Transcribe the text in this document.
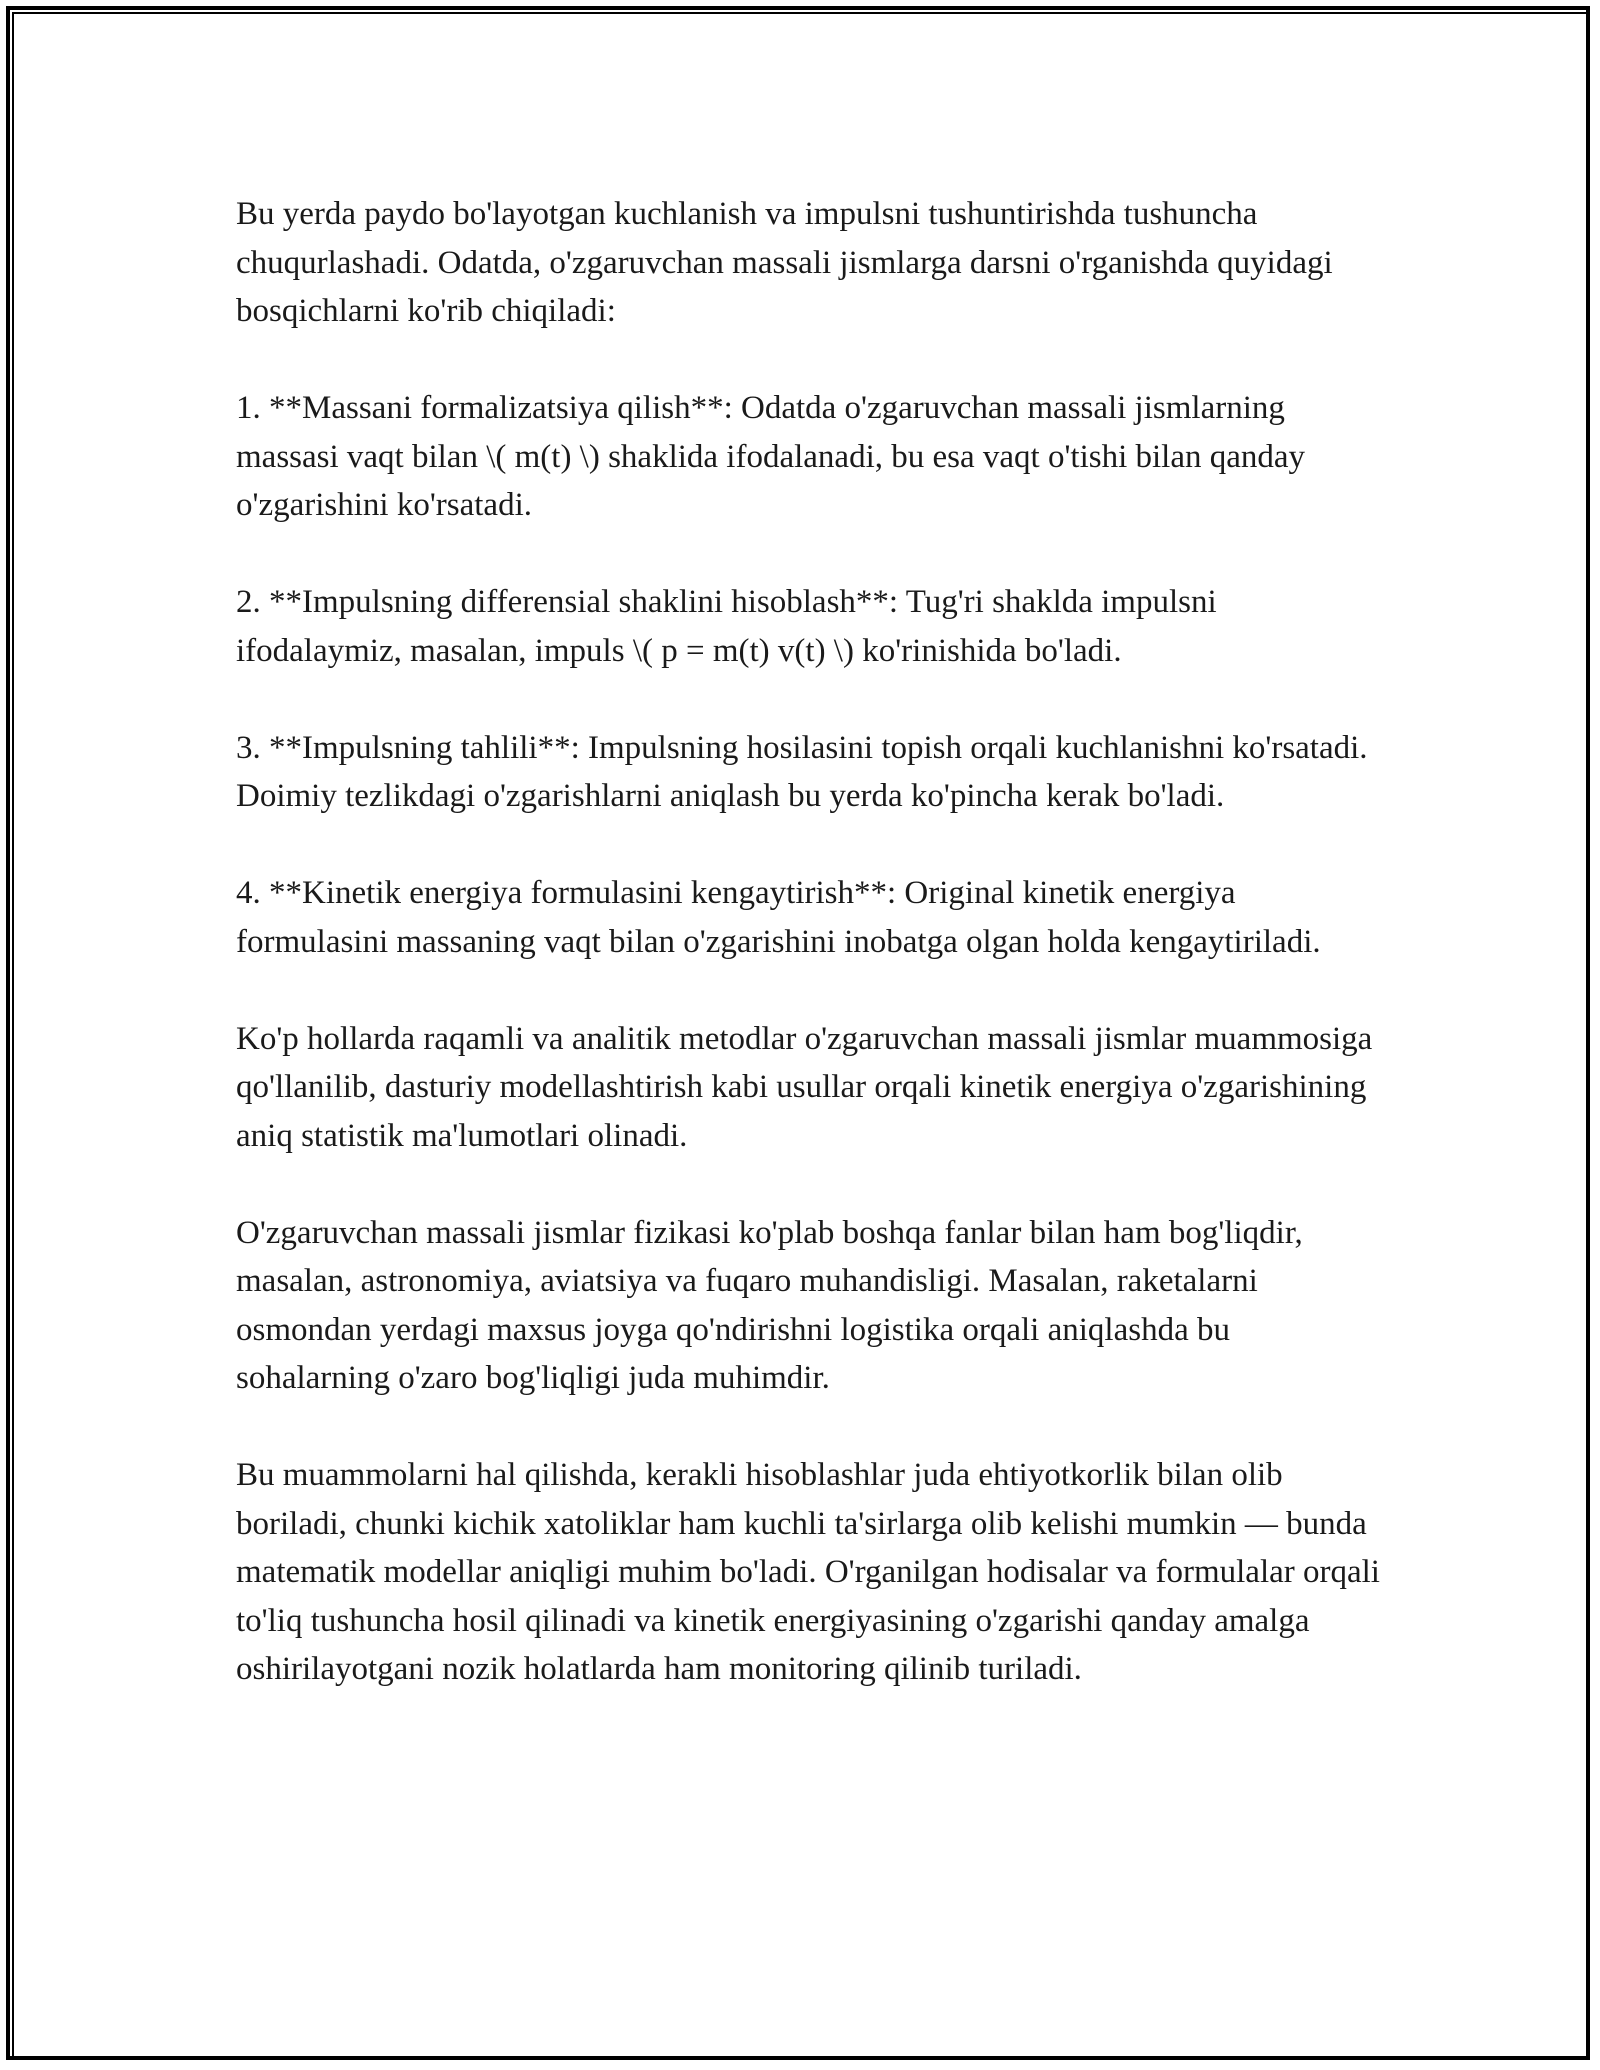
Bu yerda paydo bo'layotgan kuchlanish va impulsni tushuntirishda tushuncha chuqurlashadi. Odatda, o'zgaruvchan massali jismlarga darsni o'rganishda quyidagi bosqichlarni ko'rib chiqiladi:

1. **Massani formalizatsiya qilish**: Odatda o'zgaruvchan massali jismlarning massasi vaqt bilan \( m(t) \) shaklida ifodalanadi, bu esa vaqt o'tishi bilan qanday o'zgarishini ko'rsatadi.

2. **Impulsning differensial shaklini hisoblash**: Tug'ri shaklda impulsni ifodalaymiz, masalan, impuls \( p = m(t) v(t) \) ko'rinishida bo'ladi.

3. **Impulsning tahlili**: Impulsning hosilasini topish orqali kuchlanishni ko'rsatadi. Doimiy tezlikdagi o'zgarishlarni aniqlash bu yerda ko'pincha kerak bo'ladi.

4. **Kinetik energiya formulasini kengaytirish**: Original kinetik energiya formulasini massaning vaqt bilan o'zgarishini inobatga olgan holda kengaytiriladi.

Ko'p hollarda raqamli va analitik metodlar o'zgaruvchan massali jismlar muammosiga qo'llanilib, dasturiy modellashtirish kabi usullar orqali kinetik energiya o'zgarishining aniq statistik ma'lumotlari olinadi.

O'zgaruvchan massali jismlar fizikasi ko'plab boshqa fanlar bilan ham bog'liqdir, masalan, astronomiya, aviatsiya va fuqaro muhandisligi. Masalan, raketalarni osmondan yerdagi maxsus joyga qo'ndirishni logistika orqali aniqlashda bu sohalarning o'zaro bog'liqligi juda muhimdir.

Bu muammolarni hal qilishda, kerakli hisoblashlar juda ehtiyotkorlik bilan olib boriladi, chunki kichik xatoliklar ham kuchli ta'sirlarga olib kelishi mumkin — bunda matematik modellar aniqligi muhim bo'ladi. O'rganilgan hodisalar va formulalar orqali to'liq tushuncha hosil qilinadi va kinetik energiyasining o'zgarishi qanday amalga oshirilayotgani nozik holatlarda ham monitoring qilinib turiladi.
